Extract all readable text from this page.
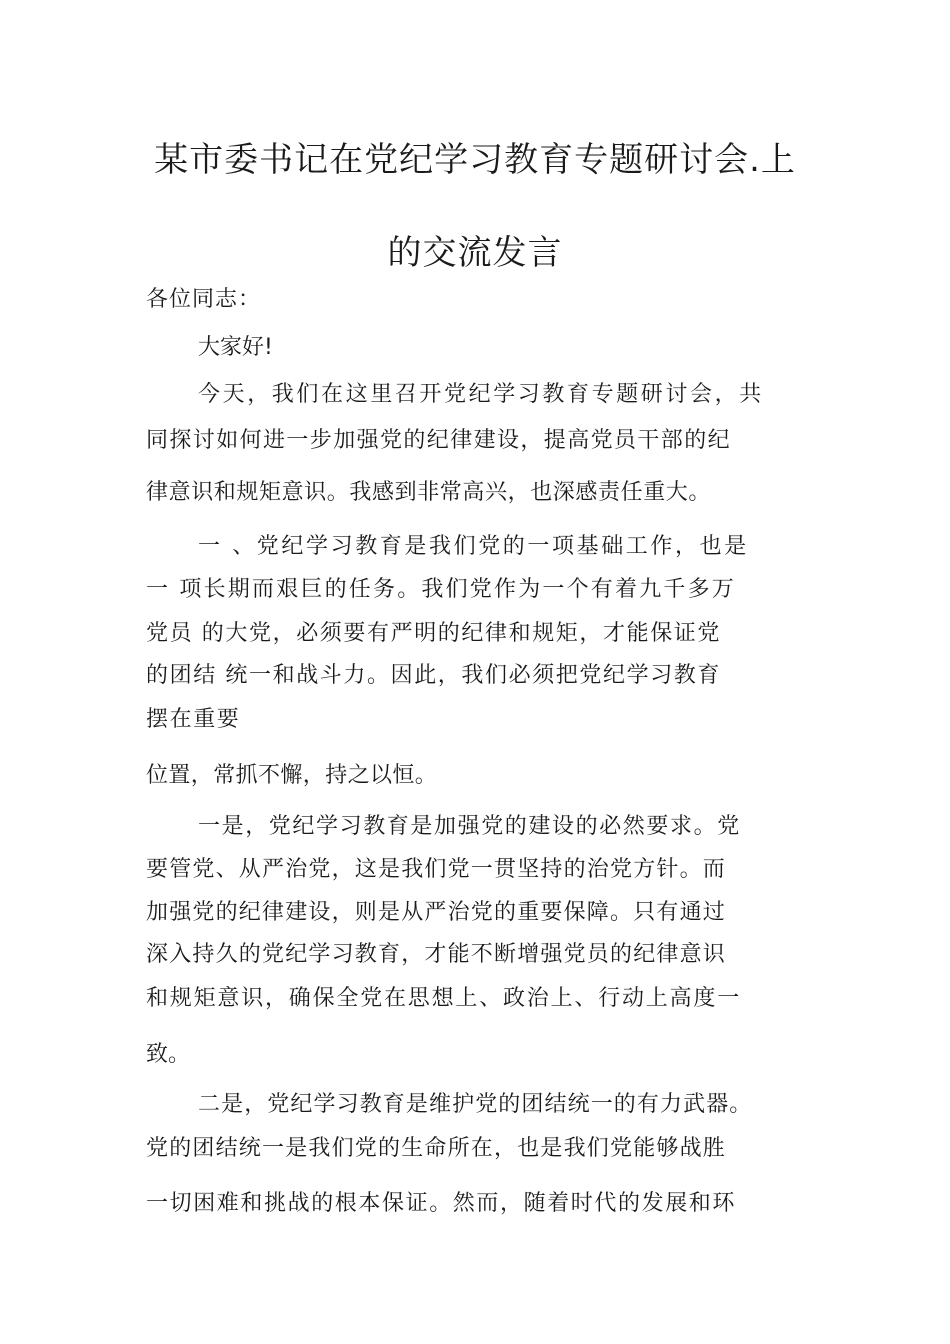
某市委书记在党纪学习教育专题研讨会.上
的交流发言
各位同志：
大家好!
今天，我们在这里召开党纪学习教育专题研讨会，共
同探讨如何进一步加强党的纪律建设，提高党员干部的纪
律意识和规矩意识。我感到非常高兴，也深感责任重大。
一 、党纪学习教育是我们党的一项基础工作，也是
一 项长期而艰巨的任务。我们党作为一个有着九千多万
党员 的大党，必须要有严明的纪律和规矩，才能保证党
的团结 统一和战斗力。因此，我们必须把党纪学习教育
摆在重要
位置，常抓不懈，持之以恒。
一是，党纪学习教育是加强党的建设的必然要求。党
要管党、从严治党，这是我们党一贯坚持的治党方针。而
加强党的纪律建设，则是从严治党的重要保障。只有通过
深入持久的党纪学习教育，才能不断增强党员的纪律意识
和规矩意识，确保全党在思想上、政治上、行动上高度一
致。
二是，党纪学习教育是维护党的团结统一的有力武器。
党的团结统一是我们党的生命所在，也是我们党能够战胜
一切困难和挑战的根本保证。然而，随着时代的发展和环
